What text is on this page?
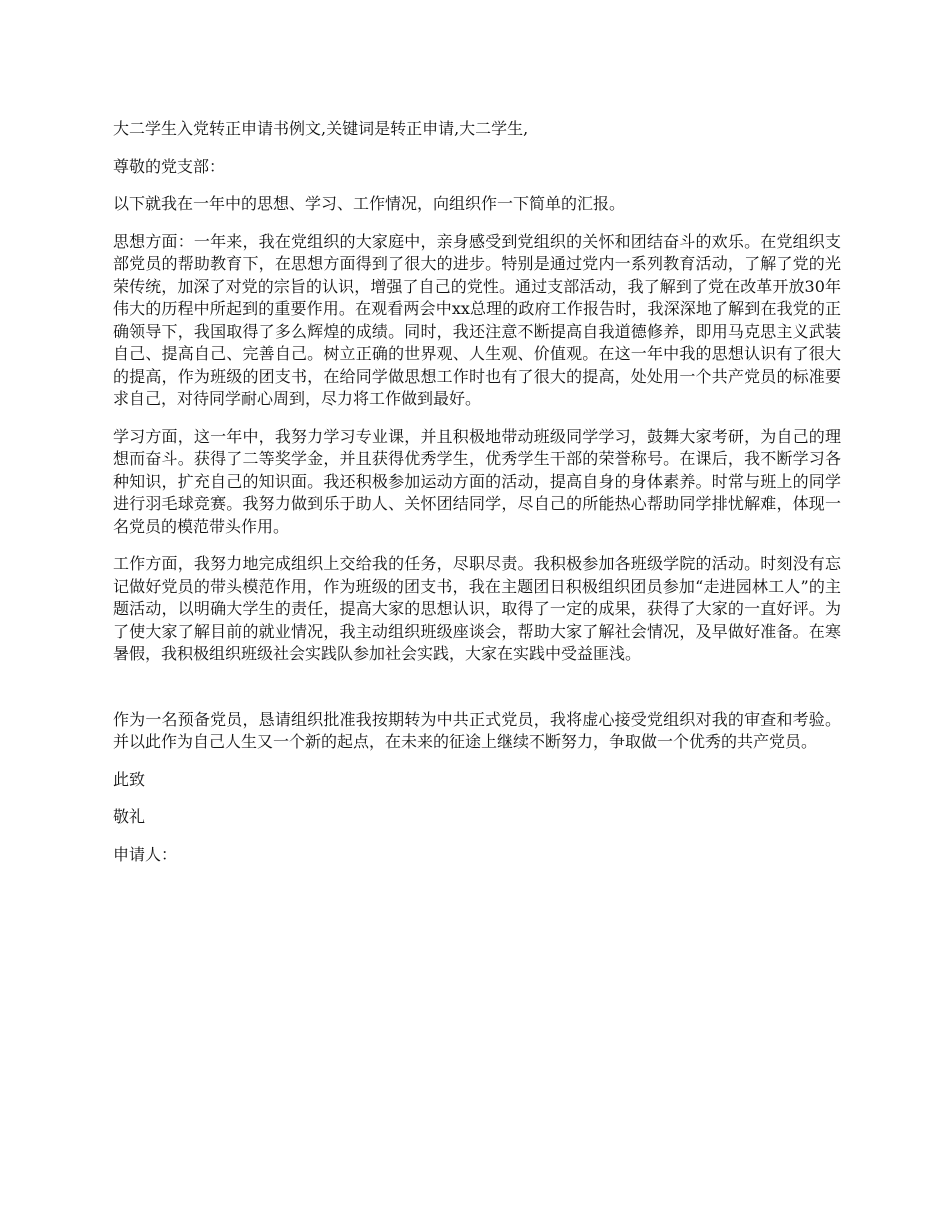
大二学生入党转正申请书例文,关键词是转正申请,大二学生,

尊敬的党支部：

以下就我在一年中的思想、学习、工作情况，向组织作一下简单的汇报。

思想方面：一年来，我在党组织的大家庭中，亲身感受到党组织的关怀和团结奋斗的欢乐。在党组织支部党员的帮助教育下，在思想方面得到了很大的进步。特别是通过党内一系列教育活动，了解了党的光荣传统，加深了对党的宗旨的认识，增强了自己的党性。通过支部活动，我了解到了党在改革开放30年伟大的历程中所起到的重要作用。在观看两会中xx总理的政府工作报告时，我深深地了解到在我党的正确领导下，我国取得了多么辉煌的成绩。同时，我还注意不断提高自我道德修养，即用马克思主义武装自己、提高自己、完善自己。树立正确的世界观、人生观、价值观。在这一年中我的思想认识有了很大的提高，作为班级的团支书，在给同学做思想工作时也有了很大的提高，处处用一个共产党员的标准要求自己，对待同学耐心周到，尽力将工作做到最好。

学习方面，这一年中，我努力学习专业课，并且积极地带动班级同学学习，鼓舞大家考研，为自己的理想而奋斗。获得了二等奖学金，并且获得优秀学生，优秀学生干部的荣誉称号。在课后，我不断学习各种知识，扩充自己的知识面。我还积极参加运动方面的活动，提高自身的身体素养。时常与班上的同学进行羽毛球竞赛。我努力做到乐于助人、关怀团结同学，尽自己的所能热心帮助同学排忧解难，体现一名党员的模范带头作用。

工作方面，我努力地完成组织上交给我的任务，尽职尽责。我积极参加各班级学院的活动。时刻没有忘记做好党员的带头模范作用，作为班级的团支书，我在主题团日积极组织团员参加“走进园林工人”的主题活动，以明确大学生的责任，提高大家的思想认识，取得了一定的成果，获得了大家的一直好评。为了使大家了解目前的就业情况，我主动组织班级座谈会，帮助大家了解社会情况，及早做好准备。在寒暑假，我积极组织班级社会实践队参加社会实践，大家在实践中受益匪浅。

作为一名预备党员，恳请组织批准我按期转为中共正式党员，我将虚心接受党组织对我的审查和考验。并以此作为自己人生又一个新的起点，在未来的征途上继续不断努力，争取做一个优秀的共产党员。

此致

敬礼

申请人：
